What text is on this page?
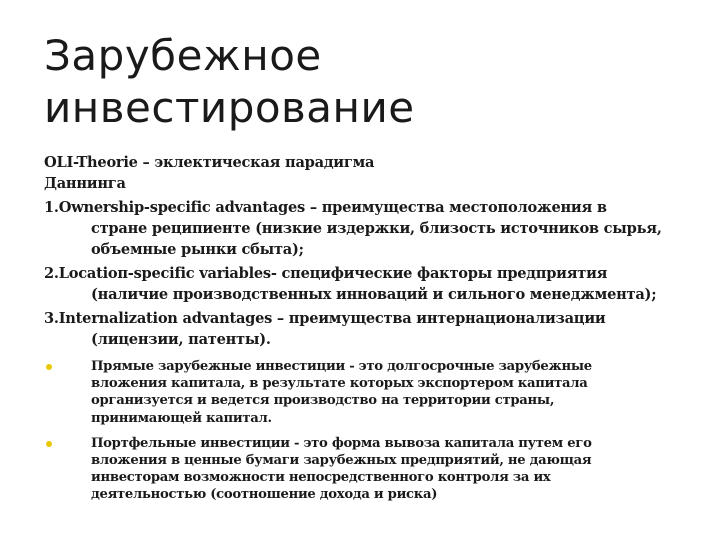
Зарубежное инвестирование
OLI-Theorie – эклектическая парадигма
Даннинга
1.Ownership-specific advantages – преимущества местоположения в стране реципиенте (низкие издержки, близость источников сырья, объемные рынки сбыта);
2.Locatioп-specific variables- специфические факторы предприятия (наличие производственных инноваций и сильного менеджмента);
3.Internalization advantages – преимущества интернационализации (лицензии, патенты).
Прямые зарубежные инвестиции - это долгосрочные зарубежные вложения капитала, в результате которых экспортером капитала организуется и ведется производство на территории страны, принимающей капитал.
Портфельные инвестиции - это форма вывоза капитала путем его вложения в ценные бумаги зарубежных предприятий, не дающая инвесторам возможности непосредственного контроля за их деятельностью (соотношение дохода и риска)
